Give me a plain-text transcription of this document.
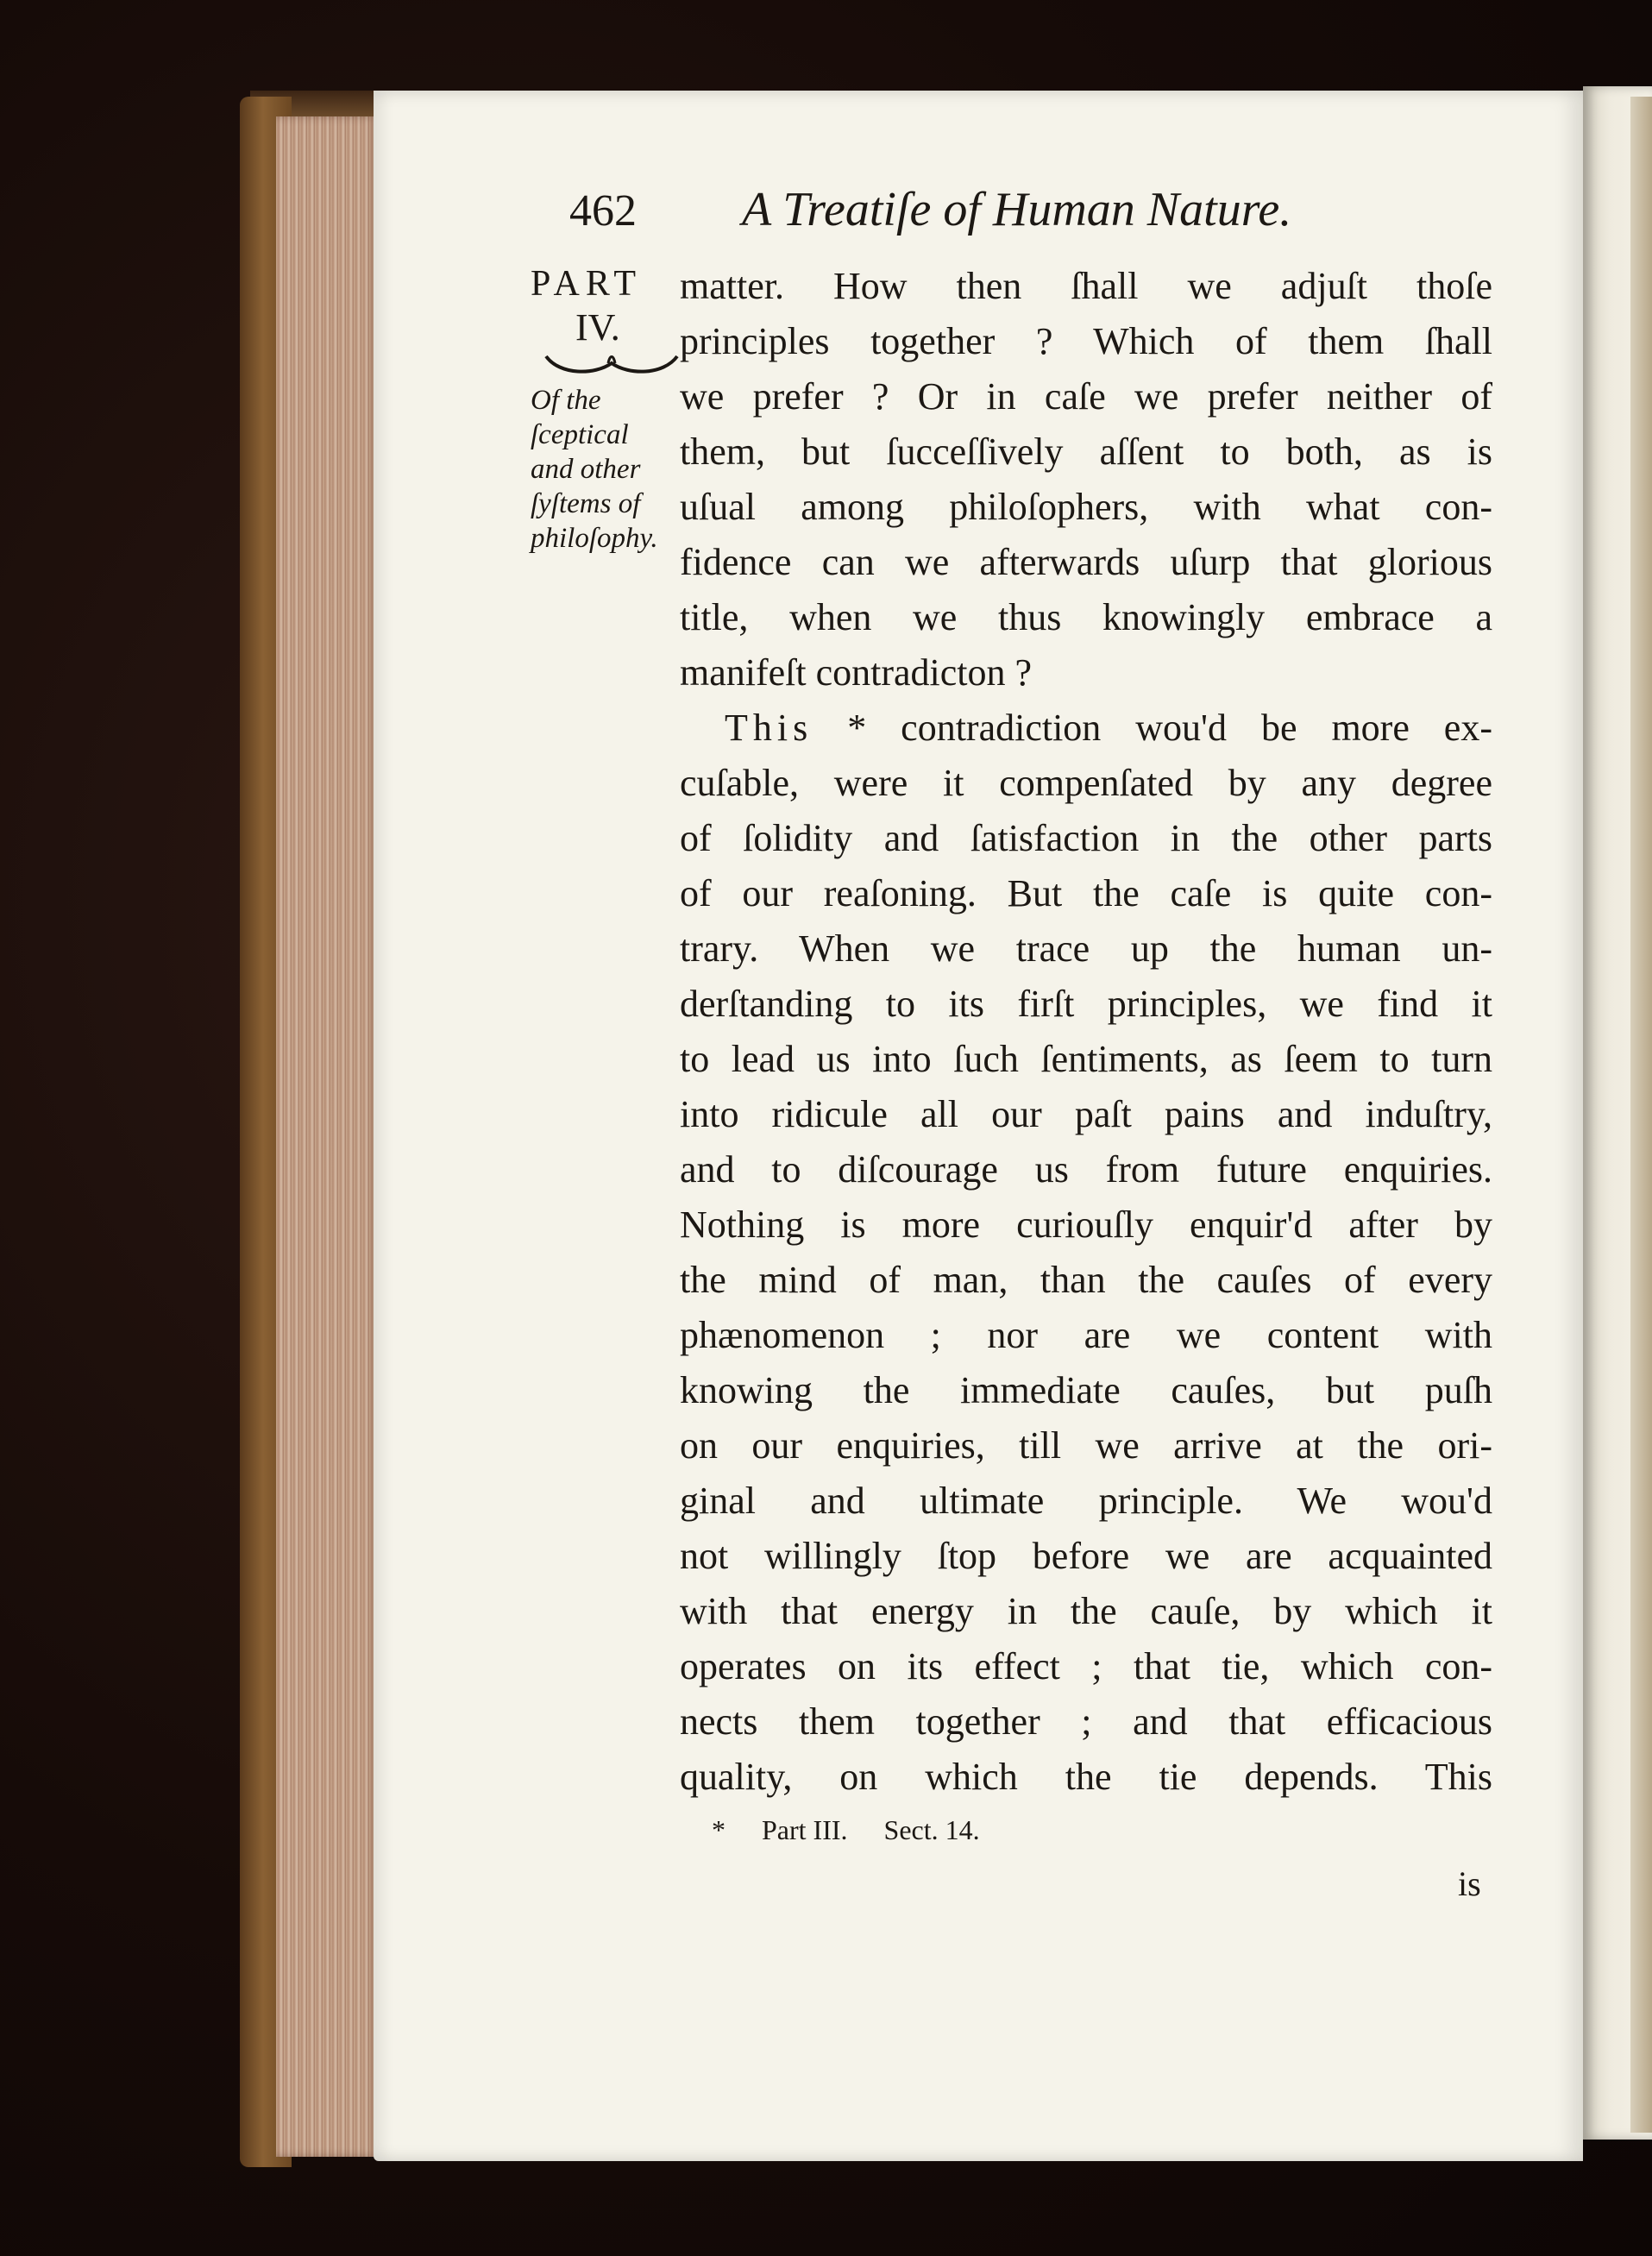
462 A Treatiſe of Human Nature.
PART
IV.
Of the
ſceptical
and other
ſyſtems of
philoſophy.
matter. How then ſhall we adjuſt thoſe
principles together ? Which of them ſhall
we prefer ? Or in caſe we prefer neither of
them, but ſucceſſively aſſent to both, as is
uſual among philoſophers, with what con-
fidence can we afterwards uſurp that glorious
title, when we thus knowingly embrace a
manifeſt contradicton ?
This * contradiction wou'd be more ex-
cuſable, were it compenſated by any degree
of ſolidity and ſatisfaction in the other parts
of our reaſoning. But the caſe is quite con-
trary. When we trace up the human un-
derſtanding to its firſt principles, we find it
to lead us into ſuch ſentiments, as ſeem to turn
into ridicule all our paſt pains and induſtry,
and to diſcourage us from future enquiries.
Nothing is more curiouſly enquir'd after by
the mind of man, than the cauſes of every
phænomenon ; nor are we content with
knowing the immediate cauſes, but puſh
on our enquiries, till we arrive at the ori-
ginal and ultimate principle. We wou'd
not willingly ſtop before we are acquainted
with that energy in the cauſe, by which it
operates on its effect ; that tie, which con-
nects them together ; and that efficacious
quality, on which the tie depends. This
* Part III. Sect. 14.
is
